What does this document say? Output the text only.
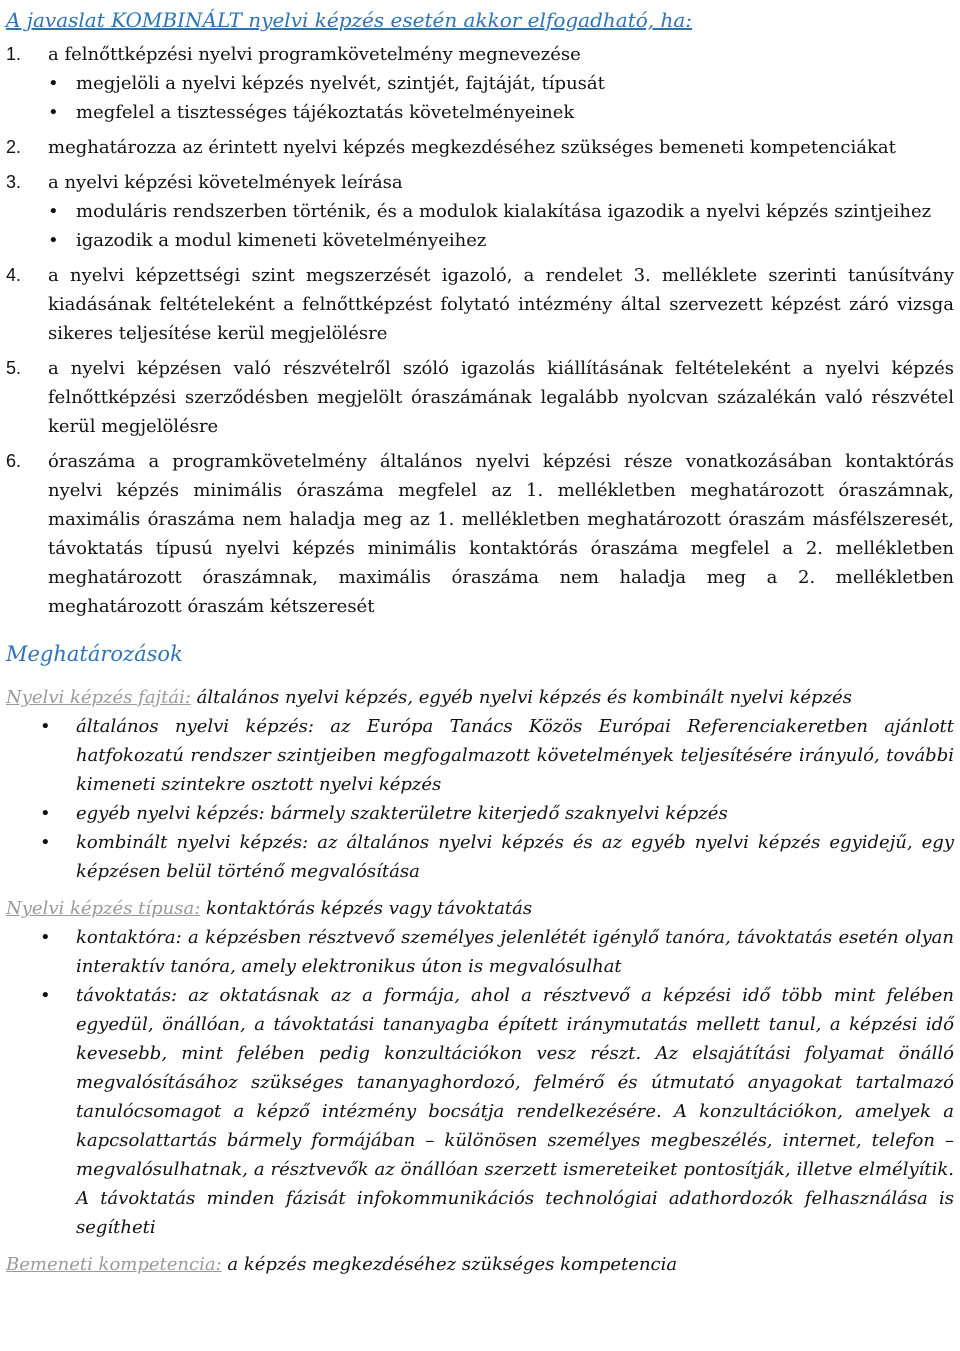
A javaslat KOMBINÁLT nyelvi képzés esetén akkor elfogadható, ha:
1.	a felnőttképzési nyelvi programkövetelmény megnevezése
• megjelöli a nyelvi képzés nyelvét, szintjét, fajtáját, típusát
• megfelel a tisztességes tájékoztatás követelményeinek
2.	meghatározza az érintett nyelvi képzés megkezdéséhez szükséges bemeneti kompetenciákat
3.	a nyelvi képzési követelmények leírása
• moduláris rendszerben történik, és a modulok kialakítása igazodik a nyelvi képzés szintjeihez
• igazodik a modul kimeneti követelményeihez
4.	a nyelvi képzettségi szint megszerzését igazoló, a rendelet 3. melléklete szerinti tanúsítvány kiadásának feltételeként a felnőttképzést folytató intézmény által szervezett képzést záró vizsga sikeres teljesítése kerül megjelölésre
5.	a nyelvi képzésen való részvételről szóló igazolás kiállításának feltételeként a nyelvi képzés felnőttképzési szerződésben megjelölt óraszámának legalább nyolcvan százalékán való részvétel kerül megjelölésre
6.	óraszáma a programkövetelmény általános nyelvi képzési része vonatkozásában kontaktórás nyelvi képzés minimális óraszáma megfelel az 1. mellékletben meghatározott óraszámnak, maximális óraszáma nem haladja meg az 1. mellékletben meghatározott óraszám másfélszeresét, távoktatás típusú nyelvi képzés minimális kontaktórás óraszáma megfelel a 2. mellékletben meghatározott óraszámnak, maximális óraszáma nem haladja meg a 2. mellékletben meghatározott óraszám kétszeresét
Meghatározások
Nyelvi képzés fajtái: általános nyelvi képzés, egyéb nyelvi képzés és kombinált nyelvi képzés
• általános nyelvi képzés: az Európa Tanács Közös Európai Referenciakeretben ajánlott hatfokozatú rendszer szintjeiben megfogalmazott követelmények teljesítésére irányuló, további kimeneti szintekre osztott nyelvi képzés
• egyéb nyelvi képzés: bármely szakterületre kiterjedő szaknyelvi képzés
• kombinált nyelvi képzés: az általános nyelvi képzés és az egyéb nyelvi képzés egyidejű, egy képzésen belül történő megvalósítása
Nyelvi képzés típusa: kontaktórás képzés vagy távoktatás
• kontaktóra: a képzésben résztvevő személyes jelenlétét igénylő tanóra, távoktatás esetén olyan interaktív tanóra, amely elektronikus úton is megvalósulhat
• távoktatás: az oktatásnak az a formája, ahol a résztvevő a képzési idő több mint felében egyedül, önállóan, a távoktatási tananyagba épített iránymutatás mellett tanul, a képzési idő kevesebb, mint felében pedig konzultációkon vesz részt. Az elsajátítási folyamat önálló megvalósításához szükséges tananyaghordozó, felmérő és útmutató anyagokat tartalmazó tanulócsomagot a képző intézmény bocsátja rendelkezésére. A konzultációkon, amelyek a kapcsolattartás bármely formájában – különösen személyes megbeszélés, internet, telefon – megvalósulhatnak, a résztvevők az önállóan szerzett ismereteiket pontosítják, illetve elmélyítik. A távoktatás minden fázisát infokommunikációs technológiai adathordozók felhasználása is segítheti
Bemeneti kompetencia: a képzés megkezdéséhez szükséges kompetencia
